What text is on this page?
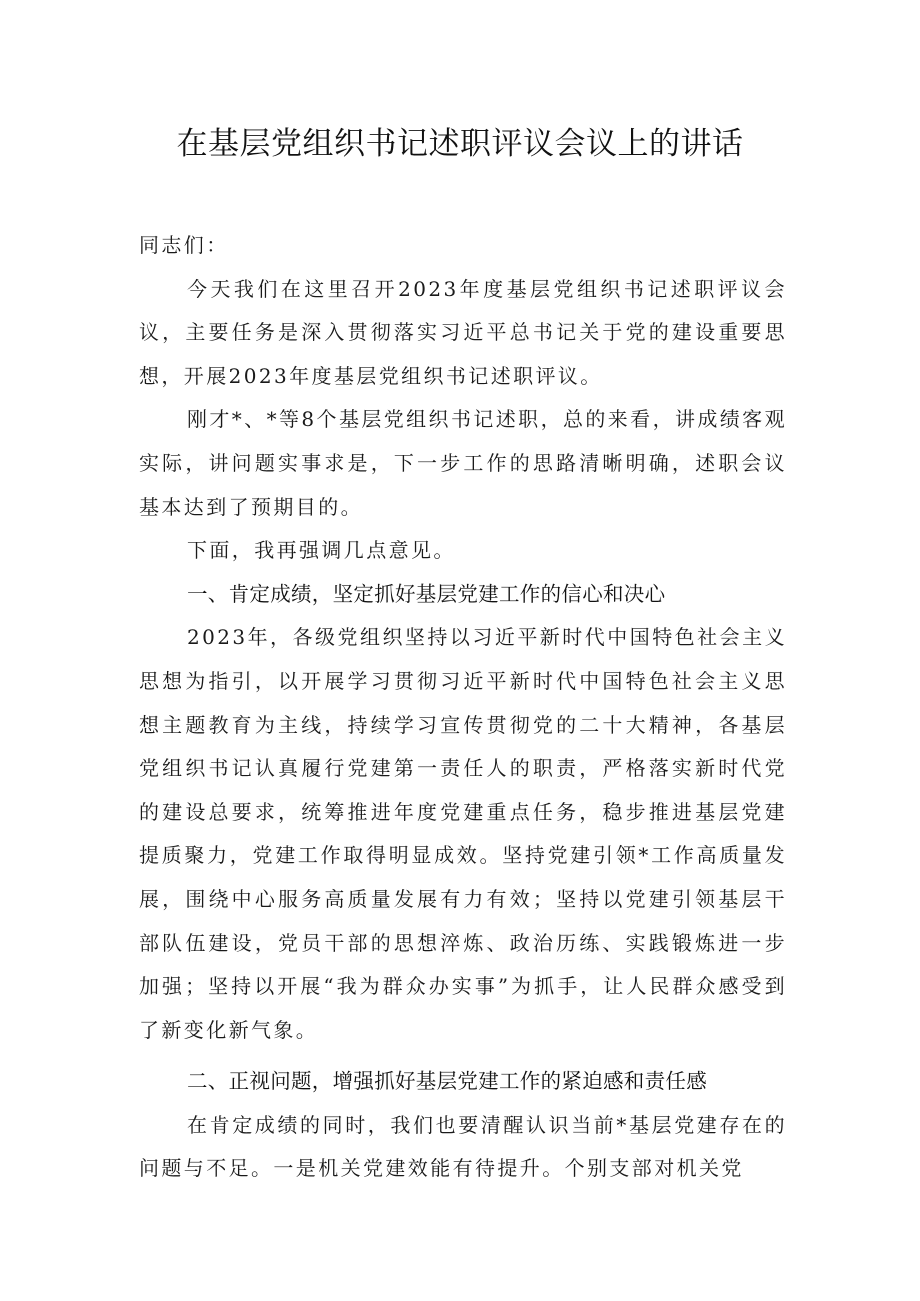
在基层党组织书记述职评议会议上的讲话

同志们：

今天我们在这里召开2023年度基层党组织书记述职评议会议，主要任务是深入贯彻落实习近平总书记关于党的建设重要思想，开展2023年度基层党组织书记述职评议。

刚才*、*等8个基层党组织书记述职，总的来看，讲成绩客观实际，讲问题实事求是，下一步工作的思路清晰明确，述职会议基本达到了预期目的。

下面，我再强调几点意见。

一、肯定成绩，坚定抓好基层党建工作的信心和决心

2023年，各级党组织坚持以习近平新时代中国特色社会主义思想为指引，以开展学习贯彻习近平新时代中国特色社会主义思想主题教育为主线，持续学习宣传贯彻党的二十大精神，各基层党组织书记认真履行党建第一责任人的职责，严格落实新时代党的建设总要求，统筹推进年度党建重点任务，稳步推进基层党建提质聚力，党建工作取得明显成效。坚持党建引领*工作高质量发展，围绕中心服务高质量发展有力有效；坚持以党建引领基层干部队伍建设，党员干部的思想淬炼、政治历练、实践锻炼进一步加强；坚持以开展“我为群众办实事”为抓手，让人民群众感受到了新变化新气象。

二、正视问题，增强抓好基层党建工作的紧迫感和责任感

在肯定成绩的同时，我们也要清醒认识当前*基层党建存在的问题与不足。一是机关党建效能有待提升。个别支部对机关党
